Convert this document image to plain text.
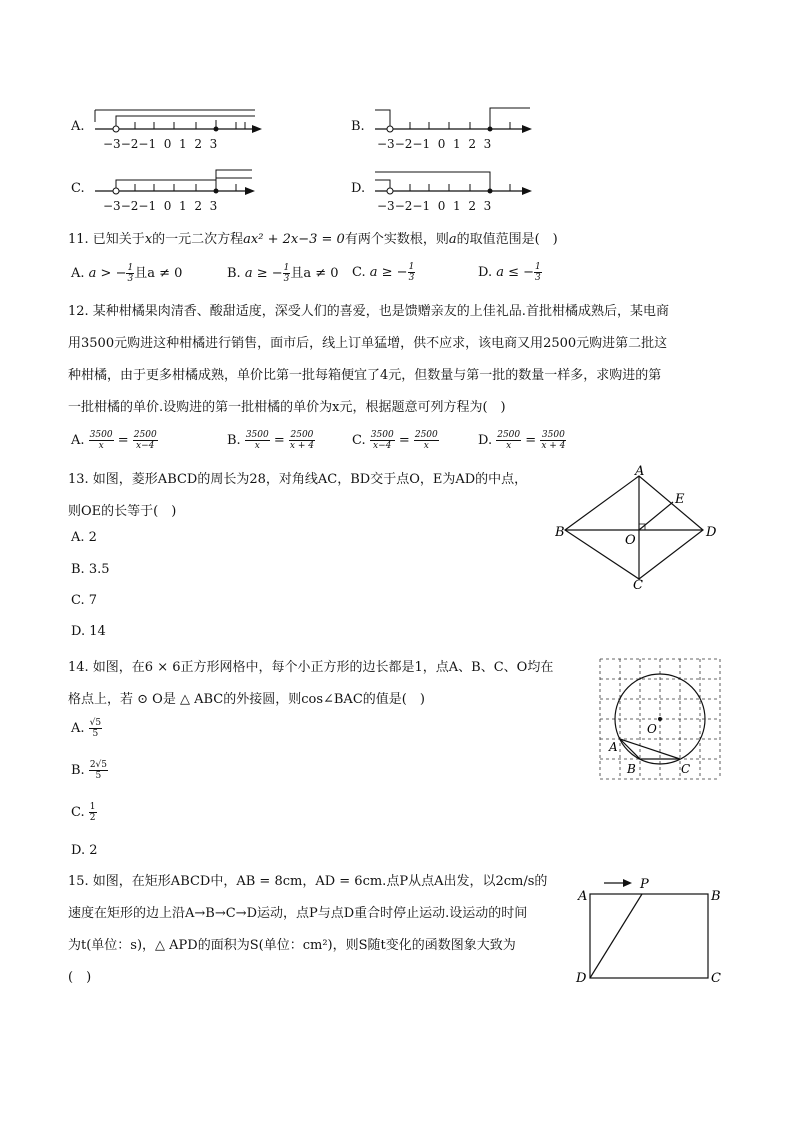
A.
−3−2−1 0 1 2 3
B.
−3−2−1 0 1 2 3
C.
−3−2−1 0 1 2 3
D.
−3−2−1 0 1 2 3
11. 已知关于x的一元二次方程ax² + 2x−3 = 0有两个实数根，则a的取值范围是(　)
A. a > − $\frac{1}{3}$ 且a ≠ 0	B. a ≥ − $\frac{1}{3}$ 且a ≠ 0 C. a ≥ − $\frac{1}{3}$	D. a ≤ − $\frac{1}{3}$
12. 某种柑橘果肉清香、酸甜适度，深受人们的喜爱，也是馈赠亲友的上佳礼品.首批柑橘成熟后，某电商
用3500元购进这种柑橘进行销售，面市后，线上订单猛增，供不应求，该电商又用2500元购进第二批这
种柑橘，由于更多柑橘成熟，单价比第一批每箱便宜了4元，但数量与第一批的数量一样多，求购进的第
一批柑橘的单价.设购进的第一批柑橘的单价为x元，根据题意可列方程为(　)
A. $\frac{3500}{x} = \frac{2500}{x-4}$	B. $\frac{3500}{x} = \frac{2500}{x + 4}$	C. $\frac{3500}{x-4} = \frac{2500}{x}$	D. $\frac{2500}{x} = \frac{3500}{x + 4}$
13. 如图，菱形ABCD的周长为28，对角线AC，BD交于点O，E为AD的中点，
则OE的长等于(　)
A. 2
B. 3.5
C. 7
D. 14
A
B
C
D
E
O
14. 如图，在6 × 6正方形网格中，每个小正方形的边长都是1，点A、B、C、O均在
格点上，若 ⊙ O是 △ ABC的外接圆，则cos∠BAC的值是(　)
A. $\frac{√5}{5}$
B. $\frac{2√5}{5}$
C. $\frac{1}{2}$
D. 2
O
A
B	C
15. 如图，在矩形ABCD中，AB = 8cm，AD = 6cm.点P从点A出发，以2cm/s的
速度在矩形的边上沿A→B→C→D运动，点P与点D重合时停止运动.设运动的时间
为t(单位：s)，△ APD的面积为S(单位：cm²)，则S随t变化的函数图象大致为
(　)
A
P
B
D	C
